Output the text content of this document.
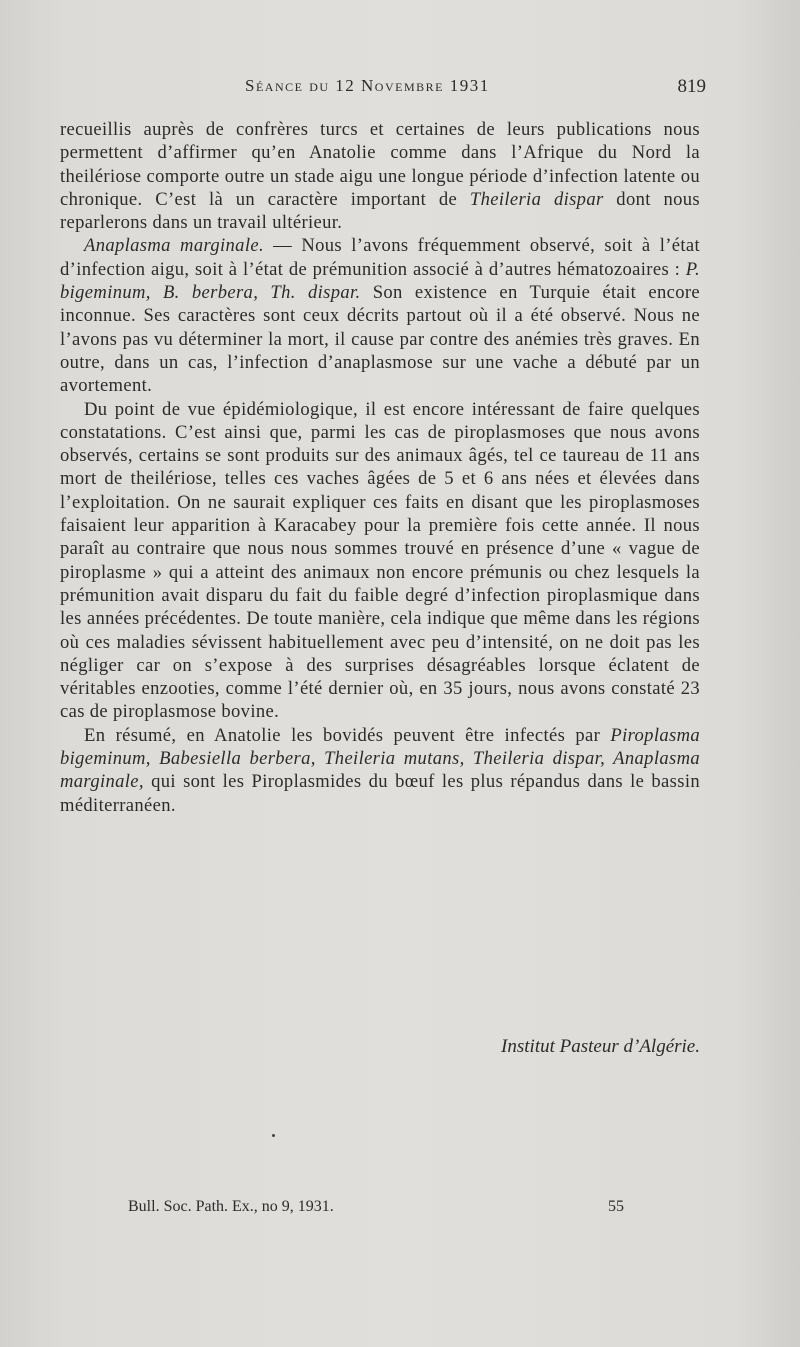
Séance du 12 Novembre 1931	819

recueillis auprès de confrères turcs et certaines de leurs publications nous permettent d’affirmer qu’en Anatolie comme dans l’Afrique du Nord la theilériose comporte outre un stade aigu une longue période d’infection latente ou chronique. C’est là un caractère important de Theileria dispar dont nous reparlerons dans un travail ultérieur.

Anaplasma marginale. — Nous l’avons fréquemment observé, soit à l’état d’infection aigu, soit à l’état de prémunition associé à d’autres hématozoaires : P. bigeminum, B. berbera, Th. dispar. Son existence en Turquie était encore inconnue. Ses caractères sont ceux décrits partout où il a été observé. Nous ne l’avons pas vu déterminer la mort, il cause par contre des anémies très graves. En outre, dans un cas, l’infection d’anaplasmose sur une vache a débuté par un avortement.

Du point de vue épidémiologique, il est encore intéressant de faire quelques constatations. C’est ainsi que, parmi les cas de piroplasmoses que nous avons observés, certains se sont produits sur des animaux âgés, tel ce taureau de 11 ans mort de theilériose, telles ces vaches âgées de 5 et 6 ans nées et élevées dans l’exploitation. On ne saurait expliquer ces faits en disant que les piroplasmoses faisaient leur apparition à Karacabey pour la première fois cette année. Il nous paraît au contraire que nous nous sommes trouvé en présence d’une « vague de piroplasme » qui a atteint des animaux non encore prémunis ou chez lesquels la prémunition avait disparu du fait du faible degré d’infection piroplasmique dans les années précédentes. De toute manière, cela indique que même dans les régions où ces maladies sévissent habituellement avec peu d’intensité, on ne doit pas les négliger car on s’expose à des surprises désagréables lorsque éclatent de véritables enzooties, comme l’été dernier où, en 35 jours, nous avons constaté 23 cas de piroplasmose bovine.

En résumé, en Anatolie les bovidés peuvent être infectés par Piroplasma bigeminum, Babesiella berbera, Theileria mutans, Theileria dispar, Anaplasma marginale, qui sont les Piroplasmides du bœuf les plus répandus dans le bassin méditerranéen.

Institut Pasteur d’Algérie.
Bull. Soc. Path. Ex., no 9, 1931.	55
